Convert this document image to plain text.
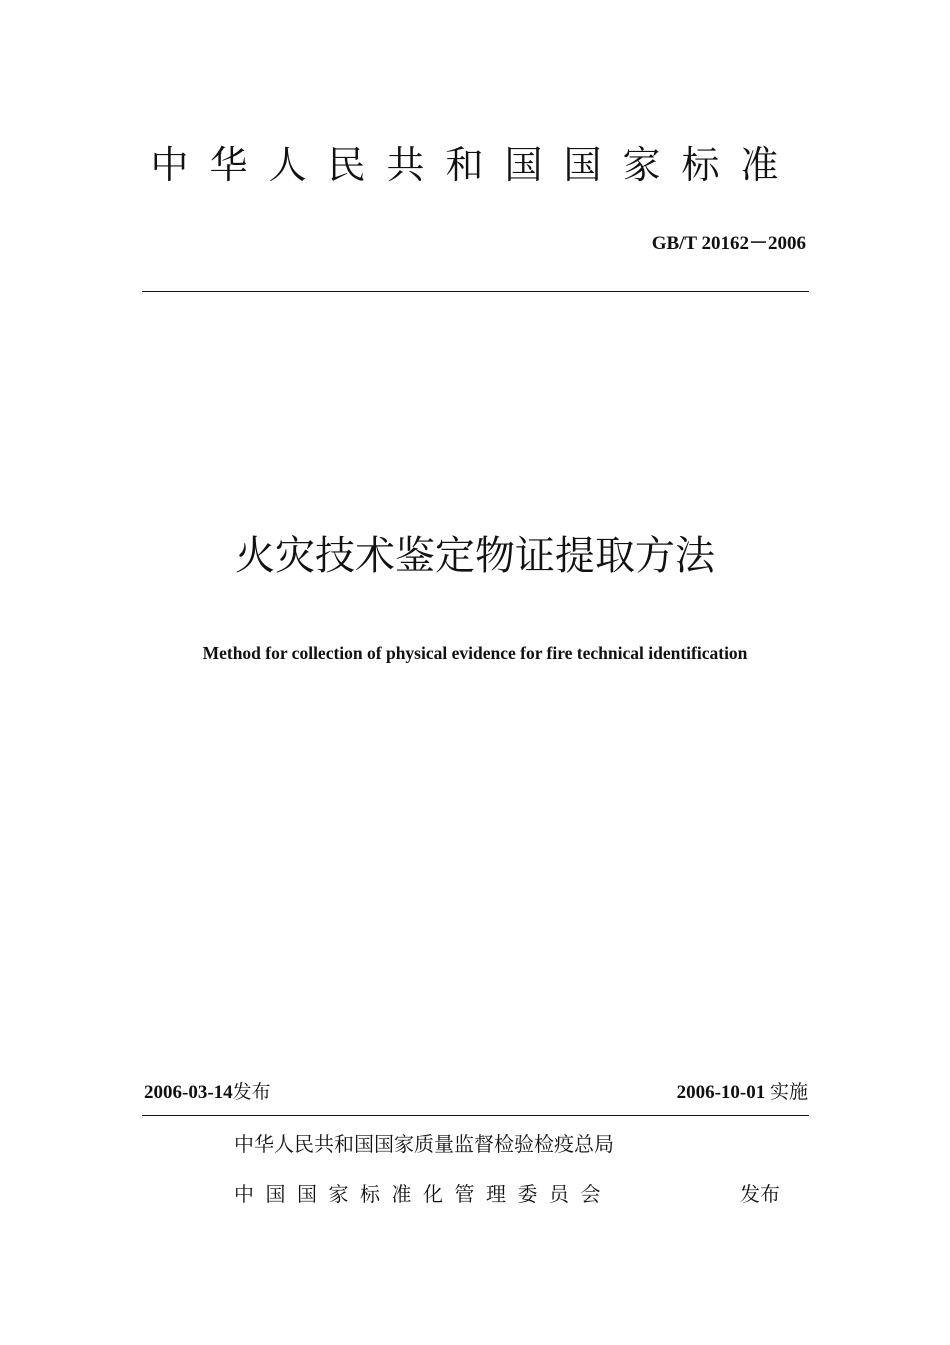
中华人民共和国国家标准
GB/T 20162－2006
火灾技术鉴定物证提取方法
Method for collection of physical evidence for fire technical identification
2006-03-14发布	2006-10-01 实施
中华人民共和国国家质量监督检验检疫总局
中国国家标准化管理委员会	发布
